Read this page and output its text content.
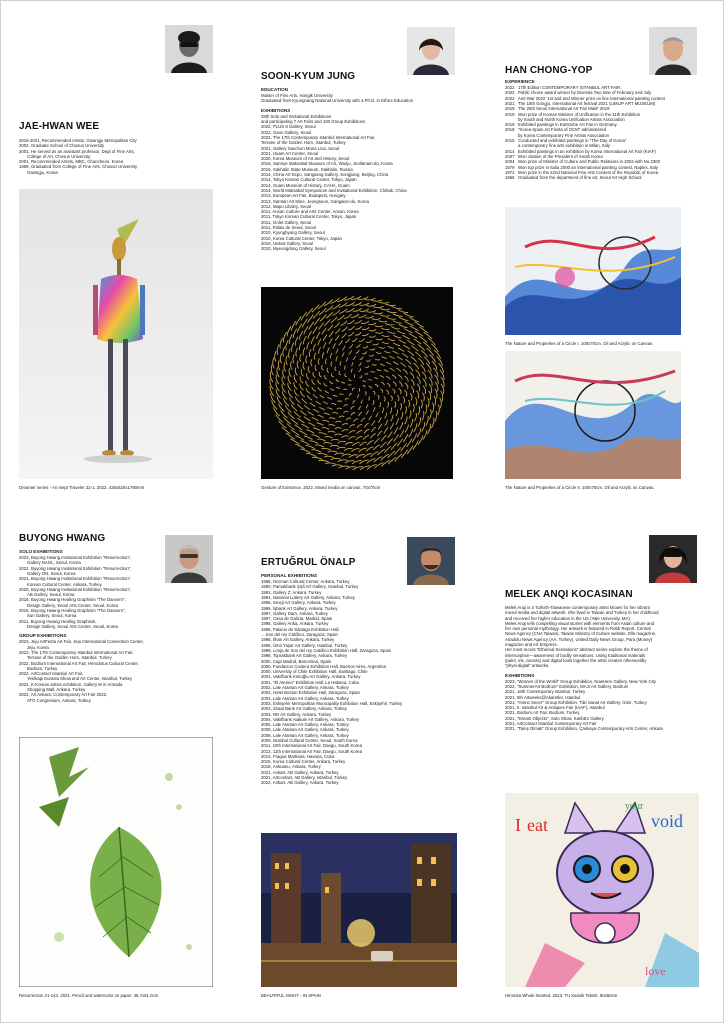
JAE-HWAN WEE
2016-2021, Recommended Artists, Gwangju Metropolitan City
2002, Graduate School of Chosun University
2001, He served as an assistant professor, Dept of Fine Arts,
College of Art, Chosun University.
2001, Recommended Artists, MBC, Chuncheon, Korea
1999, Graduated from College of Fine Arts, Chosun University,
Gwangju, Korea
Dreamer series - An Inept Traveler 22-1. 2022. 435x620x1780mm
SOON-KYUM JUNG
EDUCATION
Master of Fine Arts, Hongik University
Graduated from Kyungnang National University with a Ph.D. in Ethics Education
EXHIBITIONS
28th Solo and Invitational Exhibitions
and participating 7 Art Fairs and 100 Group Exhibitions
2022, PLUS 8 Gallery, Seoul
2022, Gaon Gallery, Seoul
2022, The 17th Contemporary Istanbul International Art Fair,
Terrane of the Golden Horn, Istanbul, Turkey
2021, Gallery Sanchon Mona Lisa, Seoul
2021, Huam Art Center, Seoul
2020, Korea Museum of Art and History, Seoul
2018, Samrye Maksabal Museum of Art, Wanju, Jeollanam-do, Korea
2016, Sakhalin State Museum, Sakhalin, Russia
2014, China Art Expo, Sangsang Gallery, Songjiang, Beijing, China
2014, Tokyo Korean Cultural Center, Tokyo, Japan
2014, Guam Museum of History, CAHA, Guam
2014, World Maksabal Symposium and Invitational Exhibition, Chibak, China
2013, European Art Fair, Budapest, Hungary
2013, Samtan Art Mine, Jeongseon, Gangwon-do, Korea
2012, Mapo Library, Seoul
2011, Ansan Culture and Arts Center, Ansan, Korea
2011, Tokyo Korean Cultural Center, Tokyo, Japan
2011, Violet Gallery, Seoul
2011, Palais de Seoul, Seoul
2010, Kyunghyang Gallery, Seoul
2010, Korea Cultural Center, Tokyo, Japan
2010, United Gallery, Seoul
2010, Myeongdong Gallery, Seoul
Gesture of Existence. 2022. Mixed media on canvas. 70x70cm
HAN CHONG-YOP
EXPERIENCE
2022 17th Edition CONTEMPORARY ISTANBUL ART FAIR.
2022 Public choice award winner by Diversia Two time of February and July
2022 Anti-War 2022 '1st and 2nd Winner prize on line international painting contest
2021 The 18th Gongju, International Art festival 2021 (LIMLIP ART MUSEUM)
2019 The 25th Seoul International Art Fair MaiiF 2019
2019 Won prize of Korean Minister of Unification in the 11th Exhibition
by South and North Korea Unification Artists Association
2019 Exhibited paintings in Karlsruhe Art Fair in Germany.
2018 "Korea-Spain Art Fiesta of OCM" administered
by Korea Contemporary Fine Artists Association
2015 Conducted and exhibited paintings in "The Day of Korea"
a contemporary fine arts exhibition in Milan, Italy
2014 Exhibited paintings in an exhibition by Korea International Art Fair (KIAF)
2007 Won citation of the President of South Korea
2004 Won prize of Minister of Culture and Public Relations in 2004 with No.2300
1979 Won top prize in Italia 2000 an international painting contest, Naples, Italy
1972 Won prize in the 22nd National Fine Arts Contest of the Republic of Korea
1966 Graduated from the department of fine art, Seoul Art High School
The Nature and Properties of a Circle I. 100x70cm. Oil and Acrylic on Canvas.
The Nature and Properties of a Circle II. 100x70cm. Oil and Acrylic on Canvas.
BUYONG HWANG
SOLO EXHIBITIONS
2023, Buyong Hwang Invitational Exhibition "Resurrection",
Gallery NAGL, Seoul, Korea
2022, Buyong Hwang Invitational Exhibition "Resurrection",
Gallery ON, Seoul, Korea
2021, Buyong Hwang Invitational Exhibition "Resurrection",
Korean Cultural Center, Ankara, Turkey
2020, Buyong Hwang Invitational Exhibition "Resurrection",
AB Gallery, Seoul, Korea
2018, Buyong Hwang Healing Graphism "The Dancers",
Design Gallery, Seoul Arts Center, Seoul, Korea
2015, Buyong Hwang Healing Graphism "The Dancers",
Sun Gallery, Seoul, Korea
2011, Buyong Hwang Healing Graphism,
Design Gallery, Seoul Arts Center, Seoul, Korea
GROUP EXHIBITIONS
2023, Jeju ArtFesta Art Fair, Jeju International Convention Center,
Jeju, Korea
2022, The 17th Contemporary Istanbul International Art Fair,
Terrane of the Golden Horn, Istanbul, Turkey
2022, Bodrum International Art Fair, Herodotus Cultural Center,
Bodrum, Turkey
2022, ArtContact Istanbul Art Fair,
Yenikapi Eurasia Show and Art Center, Istanbul, Turkey
2022, K-Korean artists exhibition, Gallery M in Armada
Shopping Mall, Ankara, Turkey
2022, Art Ankara, Contemporary Art Fair 2022,
ATO Congresium, Ankara, Turkey
Resurrection 21-143. 2021. Pencil and watercolor on paper. 45.7x61.0cm
ERTUĞRUL ÖNALP
PERSONAL EXHIBITIONS
1989, German Cultural Center, Ankara, Turkey
1990, Pamukbank Şişli Art Gallery, Istanbul, Turkey
1991, Gallery Z, Ankara, Turkey
1994, National Lottery Art Gallery, Ankara, Turkey
1995, Sevgi Art Gallery, Ankara, Turkey
1996, İşbank Art Gallery, Ankara, Turkey
1997, Gallery Dam, Ankara, Turkey
1997, Casa de Galicia, Madrid, Spain
1998, Gallery Anka, Ankara, Turkey
1998, Palacio de Sástago Exhibition Hall,
....Sos del rey Católico, Zaragoza, Spain
1998, Ilhan Art Gallery, Ankara, Turkey
1999, Ümit Yaşar Art Gallery, Istanbul, Turkey
1999, Lonja de Sos del rey Católico Exhibition Hall, Zaragoza, Spain
1999, Toprakbank Art Gallery, Ankara, Turkey
2000, Caja Madrid, Barcelona, Spain
2000, Fundacion Costera Exhibition Hall, Buenos Aires, Argentina
2000, University of Chile Exhibition Hall, Santiago, Chile
2001, Vakıfbank Kösoğlu Art Gallery, Ankara, Turkey
2001, "El Ateneo" Exhibition Hall, La Habana, Cuba
2002, Lale Ataman Art Gallery, Ankara, Turkey
2002, Hotel Boston Exhibition Hall, Zaragoza, Spain
2003, Lale Ataman Art Gallery, Ankara, Turkey
2003, Eskişehir Metropolitan Municipality Exhibition Hall, Eskişehir, Turkey
2003, Ziraat Bank Art Gallery, Ankara, Turkey
2003, RD Art Gallery, Ankara, Turkey
2004, Vakıfbank Atakule Art Gallery, Ankara, Turkey
2005, Lale Ataman Art Gallery, Ankara, Turkey
2006, Lale Ataman Art Gallery, Ankara, Turkey
2008, Lale Ataman Art Gallery, Ankara, Turkey
2009, Istanbul Cultural Center, Seoul, South Korea
2011, 10th International Art Fair, Daegu, South Korea
2012, 11th International Art Fair, Daegu, South Korea
2013, Fragua Martiana, Havana, Cuba
2015, Korea Cultural Center, Ankara, Turkey
2018, Ankuanu, Ankara, Turkey
2021, Ankart, AB Gallery, Ankara, Turkey
2021, Artcontact, AB Gallery, Istanbul, Turkey
2022, Ankart, AB Gallery, Ankara, Turkey
BEAUTIFUL NIGHT - IN SPAIN
MELEK ANQI KOCASINAN
Melek Anqi is a Turkish-Taiwanese contemporary artist known for her vibrant
mixed media and digital artwork. She lived in Taiwan and Turkey in her childhood
and received her higher education in the US (Yale University, MA).
Melek Anqi tells compelling visual stories with elements from Asian culture and
her own personal mythology. Her artwork is featured in Robb Report, Central
News Agency (CNA Taiwan), Taiwan Ministry of Culture website, Elle magazine,
Anadolu News Agency (AA, Turkey), United Daily News Group, Para (Money)
magazine and Art Empress.
Her most recent "Ethereal Sensations" abstract series explore the theme of
intersception—awareness of bodily sensations. Using traditional materials
(paint, ink, canvas) and digital tools together the artist creates otherworldly
"physi-digital" artworks.
EXHIBITIONS
2023, "Women of the World" Group Exhibition, NowHere Gallery, New York City
2022, "SummerArt Bodrum" Exhibition, MAJI Art Gallery, Bodrum
2021, 16th Contemporary Istanbul, Turkey
2021, 5th Artweeks@Akaretler, Istanbul
2021, "Homo Secer" Group Exhibition, Tiiki Sanat Art Gallery, İzmir, Turkey
2021, II. Istanbul Art & Antiques Fair (IAAF), Istanbul
2021, Bodrum Art Fair, Bodrum, Turkey
2021, "Dream Objects", Solo Show, KaribEn Gallery
2021, ArtContact Istanbul Contemporary Art Fair
2021, "Tanış Olmak" Group Exhibition, Çankaya Contemporary Arts Center, Ankara
I eat
your
void
love
Hiromita Whole hearted. 2023. TU Karisik Teknik. 50x50cm
